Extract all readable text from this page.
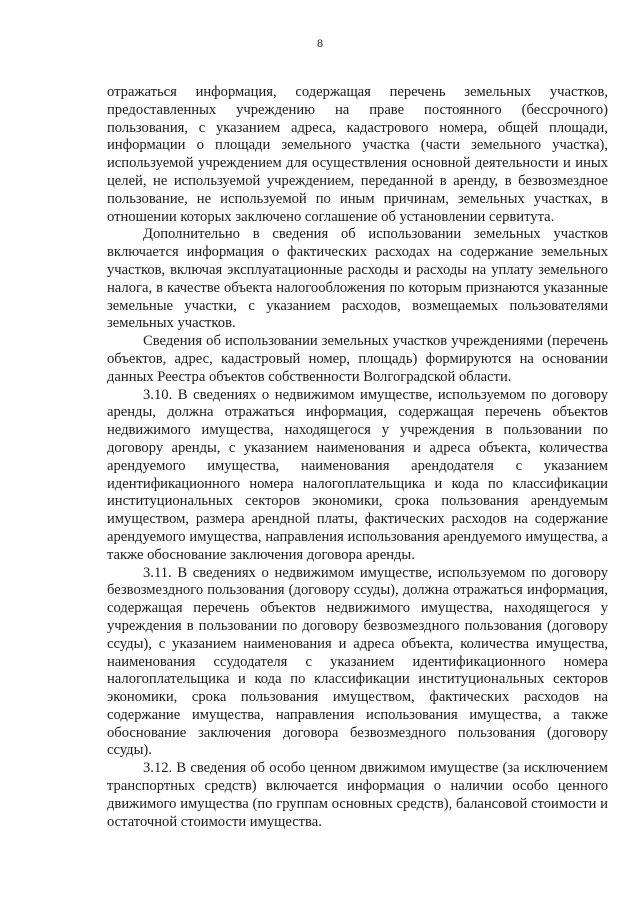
8

отражаться информация, содержащая перечень земельных участков, предоставленных учреждению на праве постоянного (бессрочного) пользования, с указанием адреса, кадастрового номера, общей площади, информации о площади земельного участка (части земельного участка), используемой учреждением для осуществления основной деятельности и иных целей, не используемой учреждением, переданной в аренду, в безвозмездное пользование, не используемой по иным причинам, земельных участках, в отношении которых заключено соглашение об установлении сервитута.

Дополнительно в сведения об использовании земельных участков включается информация о фактических расходах на содержание земельных участков, включая эксплуатационные расходы и расходы на уплату земельного налога, в качестве объекта налогообложения по которым признаются указанные земельные участки, с указанием расходов, возмещаемых пользователями земельных участков.

Сведения об использовании земельных участков учреждениями (перечень объектов, адрес, кадастровый номер, площадь) формируются на основании данных Реестра объектов собственности Волгоградской области.

3.10. В сведениях о недвижимом имуществе, используемом по договору аренды, должна отражаться информация, содержащая перечень объектов недвижимого имущества, находящегося у учреждения в пользовании по договору аренды, с указанием наименования и адреса объекта, количества арендуемого имущества, наименования арендодателя с указанием идентификационного номера налогоплательщика и кода по классификации институциональных секторов экономики, срока пользования арендуемым имуществом, размера арендной платы, фактических расходов на содержание арендуемого имущества, направления использования арендуемого имущества, а также обоснование заключения договора аренды.

3.11. В сведениях о недвижимом имуществе, используемом по договору безвозмездного пользования (договору ссуды), должна отражаться информация, содержащая перечень объектов недвижимого имущества, находящегося у учреждения в пользовании по договору безвозмездного пользования (договору ссуды), с указанием наименования и адреса объекта, количества имущества, наименования ссудодателя с указанием идентификационного номера налогоплательщика и кода по классификации институциональных секторов экономики, срока пользования имуществом, фактических расходов на содержание имущества, направления использования имущества, а также обоснование заключения договора безвозмездного пользования (договору ссуды).

3.12. В сведения об особо ценном движимом имуществе (за исключением транспортных средств) включается информация о наличии особо ценного движимого имущества (по группам основных средств), балансовой стоимости и остаточной стоимости имущества.
